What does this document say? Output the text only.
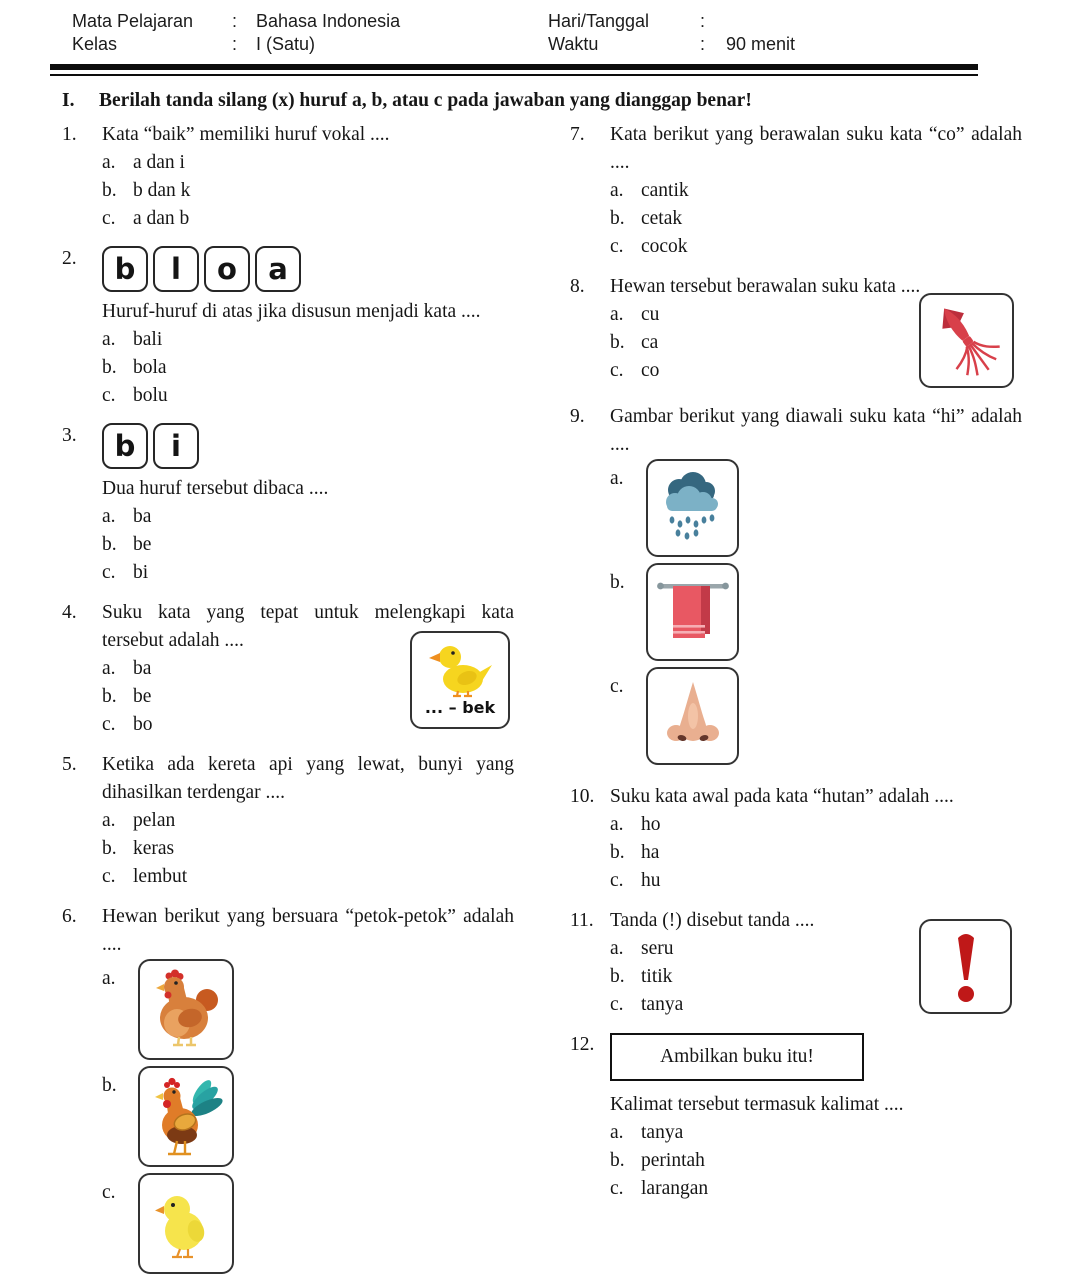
Mata Pelajaran	:	Bahasa Indonesia
Kelas	:	I (Satu)
Hari/Tanggal	:
Waktu	:	90 menit
I.	Berilah tanda silang (x) huruf a, b, atau c pada jawaban yang dianggap benar!
1.	Kata “baik” memiliki huruf vokal ....
a. a dan i
b. b dan k
c. a dan b
2.	b	l	o	a
Huruf-huruf di atas jika disusun menjadi kata ....
a. bali
b. bola
c. bolu
3.	b	i
Dua huruf tersebut dibaca ....
a. ba
b. be
c. bi
4.	Suku kata yang tepat untuk melengkapi kata tersebut adalah ....
a. ba
b. be
c. bo
... – bek
5.	Ketika ada kereta api yang lewat, bunyi yang dihasilkan terdengar ....
a. pelan
b. keras
c. lembut
6.	Hewan berikut yang bersuara “petok-petok” adalah ....
a.
b.
c.
7.	Kata berikut yang berawalan suku kata “co” adalah ....
a. cantik
b. cetak
c. cocok
8.	Hewan tersebut berawalan suku kata ....
a. cu
b. ca
c. co
9.	Gambar berikut yang diawali suku kata “hi” adalah ....
a.
b.
c.
10. Suku kata awal pada kata “hutan” adalah ....
a. ho
b. ha
c. hu
11. Tanda (!) disebut tanda ....
a. seru
b. titik
c. tanya
12.
Ambilkan buku itu!
Kalimat tersebut termasuk kalimat ....
a. tanya
b. perintah
c. larangan
